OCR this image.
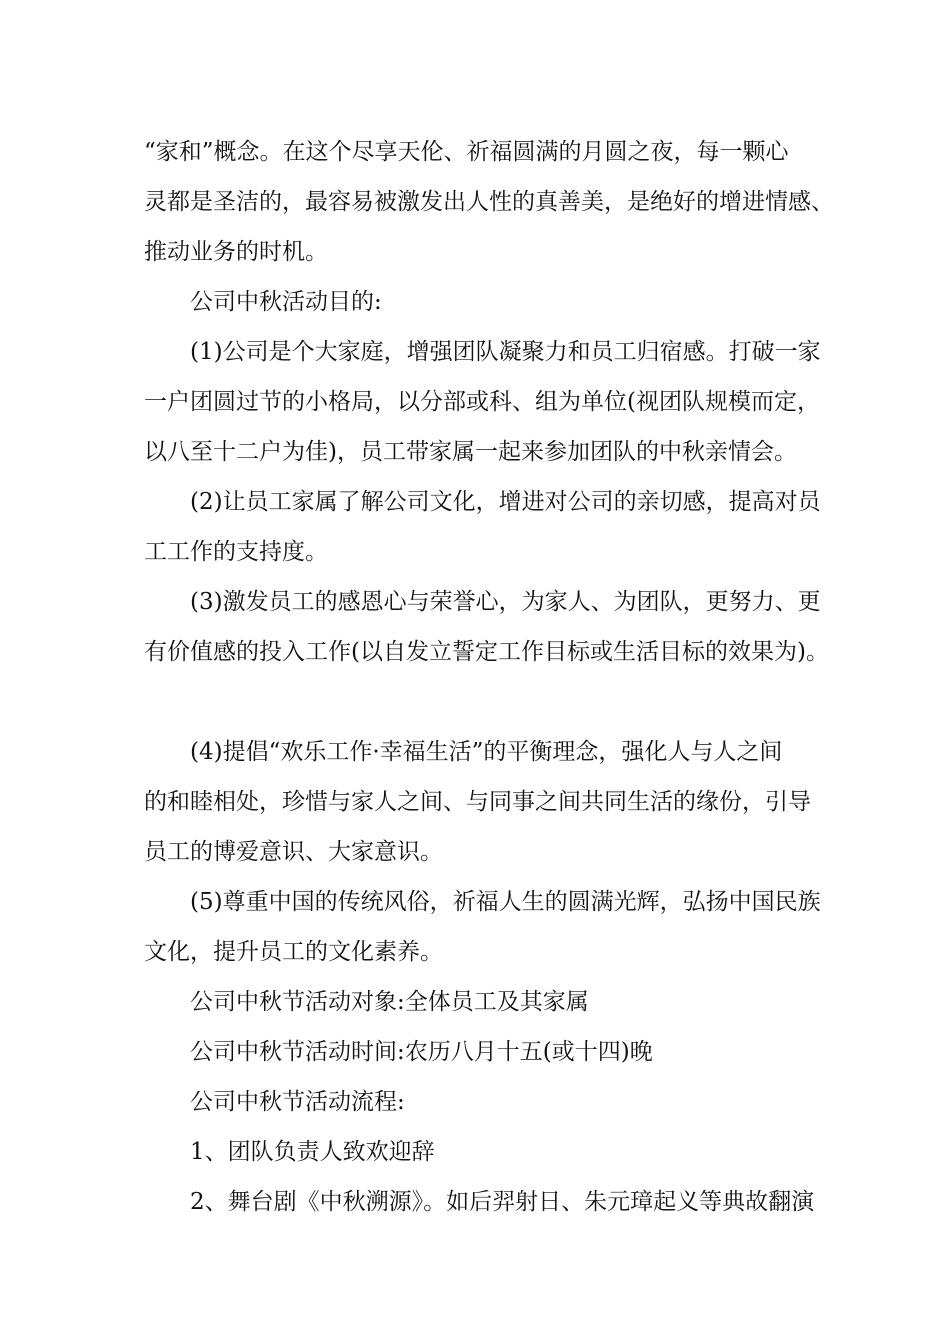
“家和”概念。在这个尽享天伦、祈福圆满的月圆之夜，每一颗心
灵都是圣洁的，最容易被激发出人性的真善美，是绝好的增进情感、
推动业务的时机。
公司中秋活动目的:
(1)公司是个大家庭，增强团队凝聚力和员工归宿感。打破一家
一户团圆过节的小格局，以分部或科、组为单位(视团队规模而定，
以八至十二户为佳)，员工带家属一起来参加团队的中秋亲情会。
(2)让员工家属了解公司文化，增进对公司的亲切感，提高对员
工工作的支持度。
(3)激发员工的感恩心与荣誉心，为家人、为团队，更努力、更
有价值感的投入工作(以自发立誓定工作目标或生活目标的效果为)。
(4)提倡“欢乐工作·幸福生活”的平衡理念，强化人与人之间
的和睦相处，珍惜与家人之间、与同事之间共同生活的缘份，引导
员工的博爱意识、大家意识。
(5)尊重中国的传统风俗，祈福人生的圆满光辉，弘扬中国民族
文化，提升员工的文化素养。
公司中秋节活动对象:全体员工及其家属
公司中秋节活动时间:农历八月十五(或十四)晚
公司中秋节活动流程:
1、团队负责人致欢迎辞
2、舞台剧《中秋溯源》。如后羿射日、朱元璋起义等典故翻演
